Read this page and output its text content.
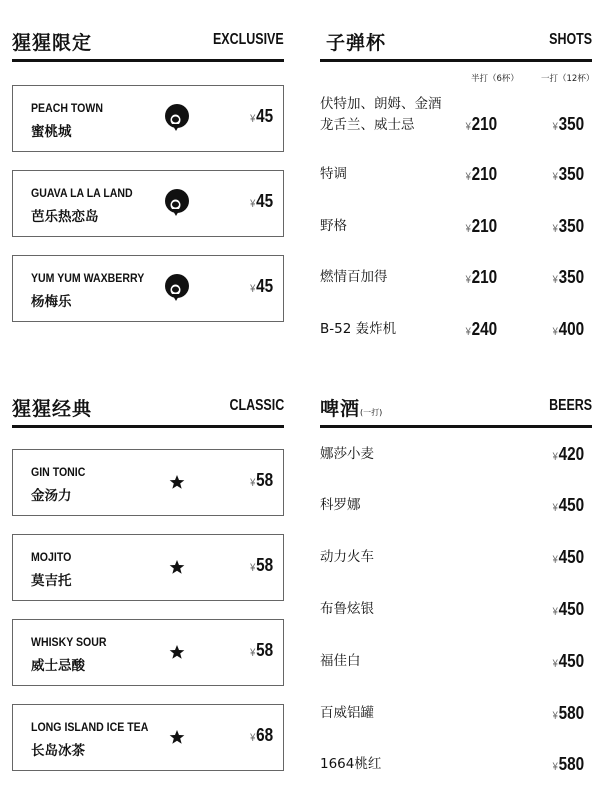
猩猩限定	EXCLUSIVE
PEACH TOWN
蜜桃城
¥45
GUAVA LA LA LAND
芭乐热恋岛
¥45
YUM YUM WAXBERRY
杨梅乐
¥45
猩猩经典	CLASSIC
GIN TONIC
金汤力
¥58
MOJITO
莫吉托
¥58
WHISKY SOUR
威士忌酸
¥58
LONG ISLAND ICE TEA
长岛冰茶
¥68
子弹杯	SHOTS
半打（6杯）	一打（12杯）
伏特加、朗姆、金酒
龙舌兰、威士忌	¥210	¥350
特调	¥210	¥350
野格	¥210	¥350
燃情百加得	¥210	¥350
B-52 轰炸机	¥240	¥400
啤酒(一打)	BEERS
娜莎小麦	¥420
科罗娜	¥450
动力火车	¥450
布鲁炫银	¥450
福佳白	¥450
百威铝罐	¥580
1664桃红	¥580
